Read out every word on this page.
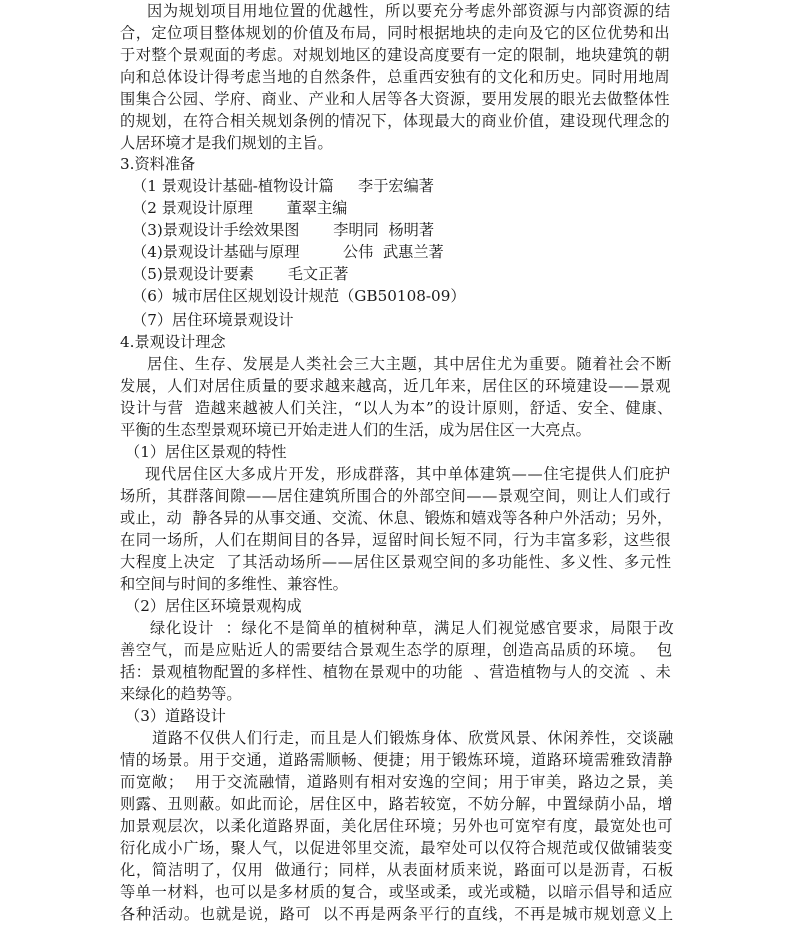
因为规划项目用地位置的优越性，所以要充分考虑外部资源与内部资源的结
合，定位项目整体规划的价值及布局，同时根据地块的走向及它的区位优势和出
于对整个景观面的考虑。对规划地区的建设高度要有一定的限制，地块建筑的朝
向和总体设计得考虑当地的自然条件，总重西安独有的文化和历史。同时用地周
围集合公园、学府、商业、产业和人居等各大资源，要用发展的眼光去做整体性
的规划，在符合相关规划条例的情况下，体现最大的商业价值，建设现代理念的
人居环境才是我们规划的主旨。
3.资料准备
（1 景观设计基础-植物设计篇     李于宏编著
（2 景观设计原理       董翠主编
（3)景观设计手绘效果图       李明同  杨明著
（4)景观设计基础与原理         公伟  武惠兰著
（5)景观设计要素       毛文正著
（6）城市居住区规划设计规范（GB50108-09）
（7）居住环境景观设计
4.景观设计理念
居住、生存、发展是人类社会三大主题，其中居住尤为重要。随着社会不断
发展，人们对居住质量的要求越来越高，近几年来，居住区的环境建设——景观
设计与营  造越来越被人们关注，“以人为本”的设计原则，舒适、安全、健康、
平衡的生态型景观环境已开始走进人们的生活，成为居住区一大亮点。
（1）居住区景观的特性
现代居住区大多成片开发，形成群落，其中单体建筑——住宅提供人们庇护
场所，其群落间隙——居住建筑所围合的外部空间——景观空间，则让人们或行
或止，动  静各异的从事交通、交流、休息、锻炼和嬉戏等各种户外活动；另外，
在同一场所，人们在期间目的各异，逗留时间长短不同，行为丰富多彩，这些很
大程度上决定  了其活动场所——居住区景观空间的多功能性、多义性、多元性
和空间与时间的多维性、兼容性。
（2）居住区环境景观构成
绿化设计  ：绿化不是简单的植树种草，满足人们视觉感官要求，局限于改
善空气，而是应贴近人的需要结合景观生态学的原理，创造高品质的环境。  包
括：景观植物配置的多样性、植物在景观中的功能  、营造植物与人的交流  、未
来绿化的趋势等。
（3）道路设计
道路不仅供人们行走，而且是人们锻炼身体、欣赏风景、休闲养性，交谈融
情的场景。用于交通，道路需顺畅、便捷；用于锻炼环境，道路环境需雅致清静
而宽敞；  用于交流融情，道路则有相对安逸的空间；用于审美，路边之景，美
则露、丑则蔽。如此而论，居住区中，路若较宽，不妨分解，中置绿荫小品，增
加景观层次，以柔化道路界面，美化居住环境；另外也可宽窄有度，最宽处也可
衍化成小广场，聚人气，以促进邻里交流，最窄处可以仅符合规范或仅做铺装变
化，简洁明了，仅用  做通行；同样，从表面材质来说，路面可以是沥青，石板
等单一材料，也可以是多材质的复合，或坚或柔，或光或糙，以暗示倡导和适应
各种活动。也就是说，路可  以不再是两条平行的直线，不再是城市规划意义上
